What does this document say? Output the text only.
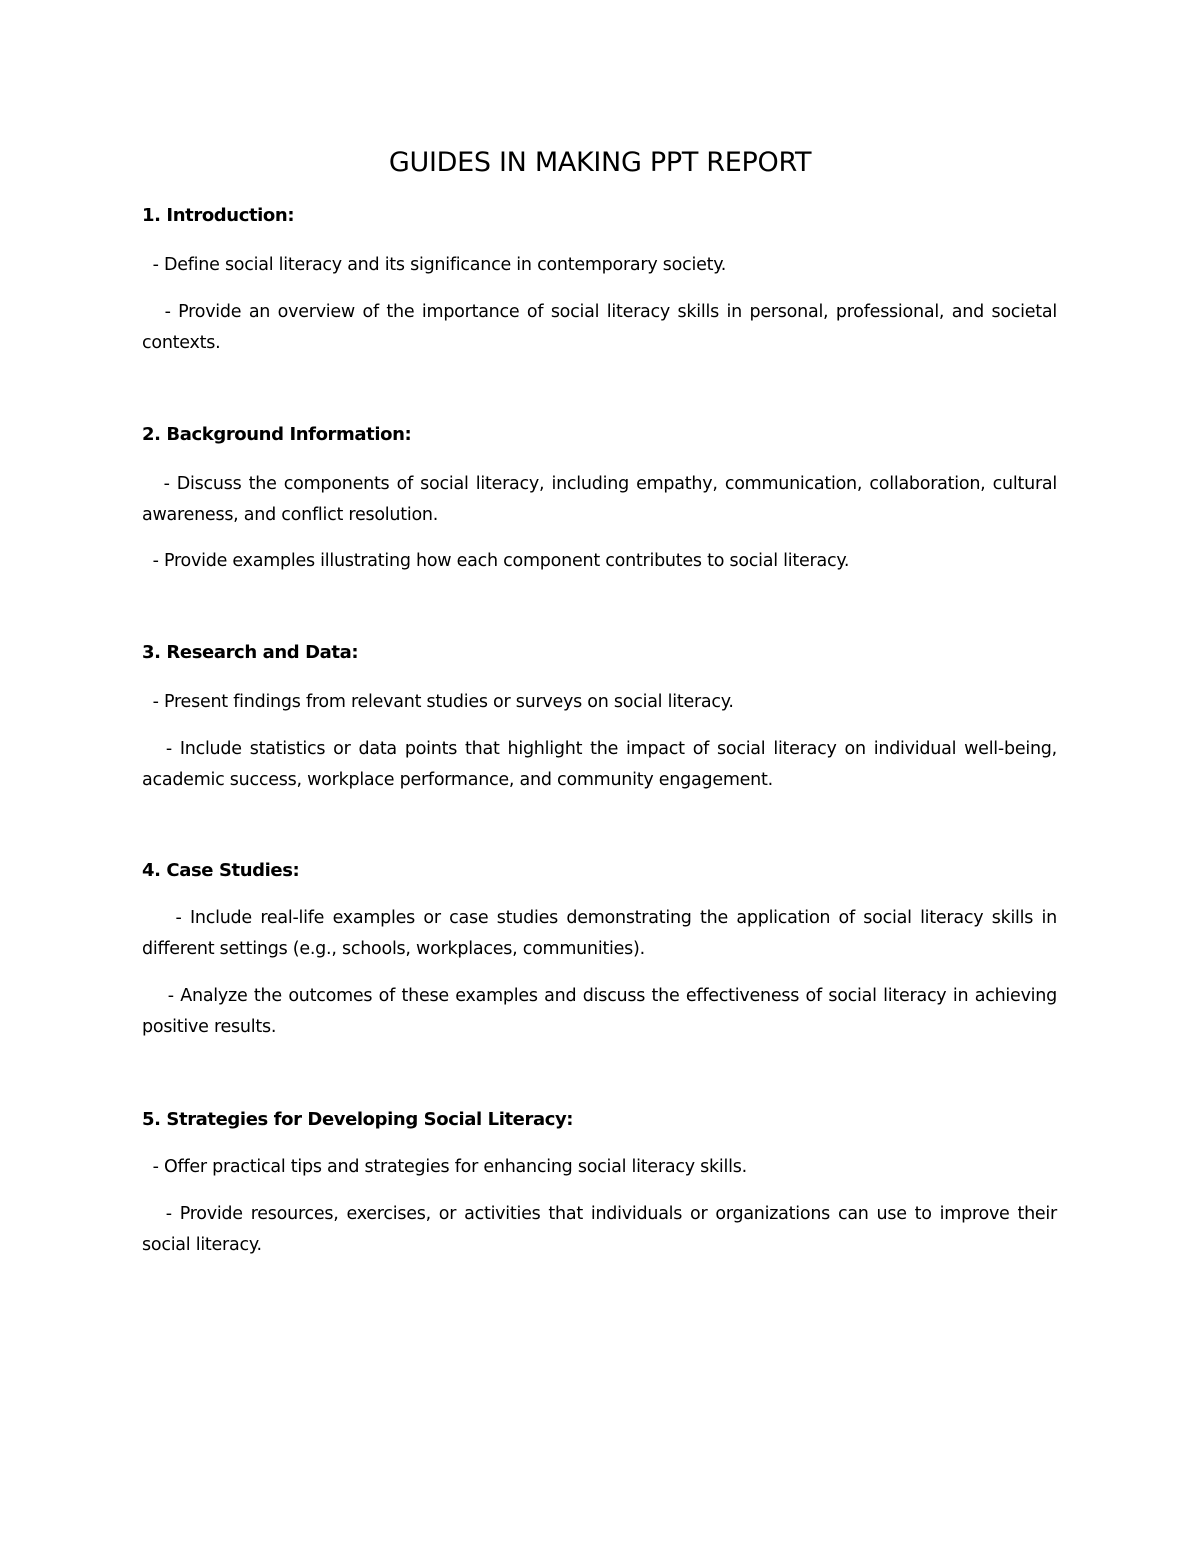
GUIDES IN MAKING PPT REPORT
1. Introduction:

- Define social literacy and its significance in contemporary society.

- Provide an overview of the importance of social literacy skills in personal, professional, and societal contexts.

2. Background Information:

- Discuss the components of social literacy, including empathy, communication, collaboration, cultural awareness, and conflict resolution.

- Provide examples illustrating how each component contributes to social literacy.

3. Research and Data:

- Present findings from relevant studies or surveys on social literacy.

- Include statistics or data points that highlight the impact of social literacy on individual well-being, academic success, workplace performance, and community engagement.

4. Case Studies:

- Include real-life examples or case studies demonstrating the application of social literacy skills in different settings (e.g., schools, workplaces, communities).

- Analyze the outcomes of these examples and discuss the effectiveness of social literacy in achieving positive results.

5. Strategies for Developing Social Literacy:

- Offer practical tips and strategies for enhancing social literacy skills.

- Provide resources, exercises, or activities that individuals or organizations can use to improve their social literacy.
